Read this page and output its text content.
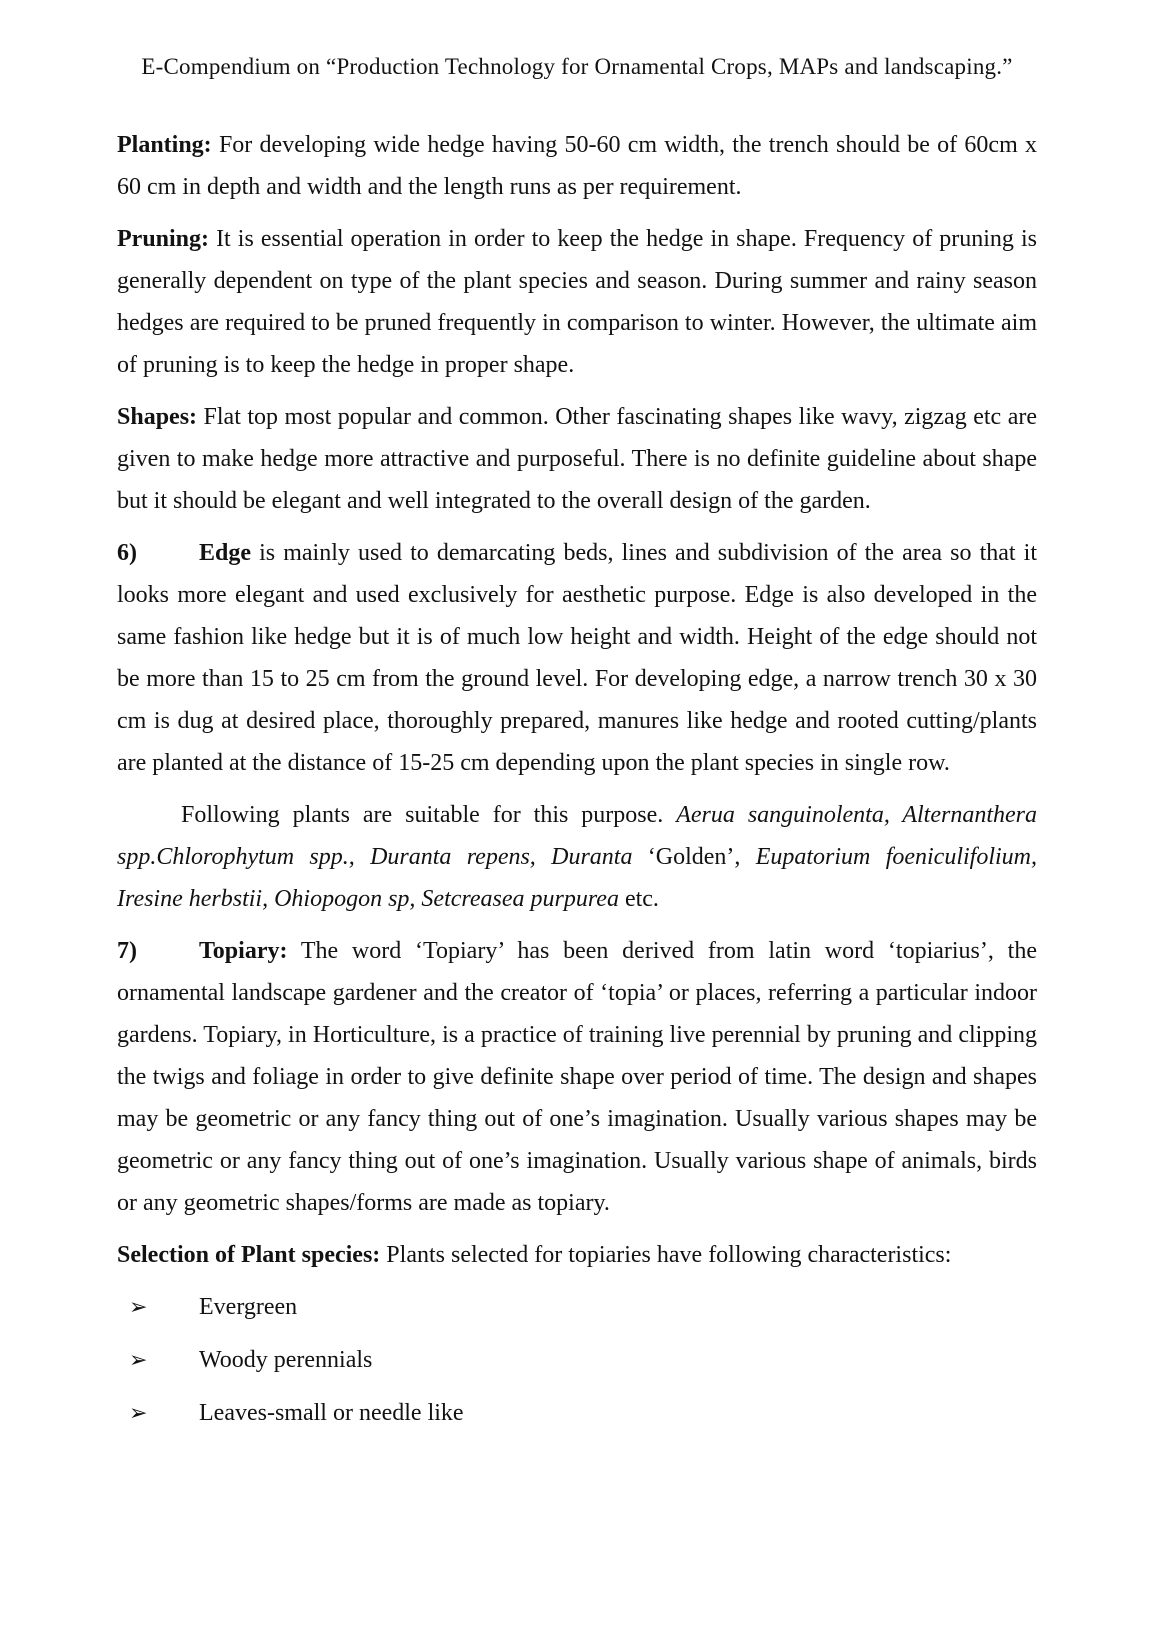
E-Compendium on “Production Technology for Ornamental Crops, MAPs and landscaping.”

Planting: For developing wide hedge having 50-60 cm width, the trench should be of 60cm x 60 cm in depth and width and the length runs as per requirement.

Pruning: It is essential operation in order to keep the hedge in shape. Frequency of pruning is generally dependent on type of the plant species and season. During summer and rainy season hedges are required to be pruned frequently in comparison to winter. However, the ultimate aim of pruning is to keep the hedge in proper shape.

Shapes: Flat top most popular and common. Other fascinating shapes like wavy, zigzag etc are given to make hedge more attractive and purposeful. There is no definite guideline about shape but it should be elegant and well integrated to the overall design of the garden.

6)	Edge is mainly used to demarcating beds, lines and subdivision of the area so that it looks more elegant and used exclusively for aesthetic purpose. Edge is also developed in the same fashion like hedge but it is of much low height and width. Height of the edge should not be more than 15 to 25 cm from the ground level. For developing edge, a narrow trench 30 x 30 cm is dug at desired place, thoroughly prepared, manures like hedge and rooted cutting/plants are planted at the distance of 15-25 cm depending upon the plant species in single row.

Following plants are suitable for this purpose. Aerua sanguinolenta, Alternanthera spp.Chlorophytum spp., Duranta repens, Duranta ‘Golden’, Eupatorium foeniculifolium, Iresine herbstii, Ohiopogon sp, Setcreasea purpurea etc.

7)	Topiary: The word ‘Topiary’ has been derived from latin word ‘topiarius’, the ornamental landscape gardener and the creator of ‘topia’ or places, referring a particular indoor gardens. Topiary, in Horticulture, is a practice of training live perennial by pruning and clipping the twigs and foliage in order to give definite shape over period of time. The design and shapes may be geometric or any fancy thing out of one’s imagination. Usually various shapes may be geometric or any fancy thing out of one’s imagination. Usually various shape of animals, birds or any geometric shapes/forms are made as topiary.

Selection of Plant species: Plants selected for topiaries have following characteristics:

➢	Evergreen
➢	Woody perennials
➢	Leaves-small or needle like
